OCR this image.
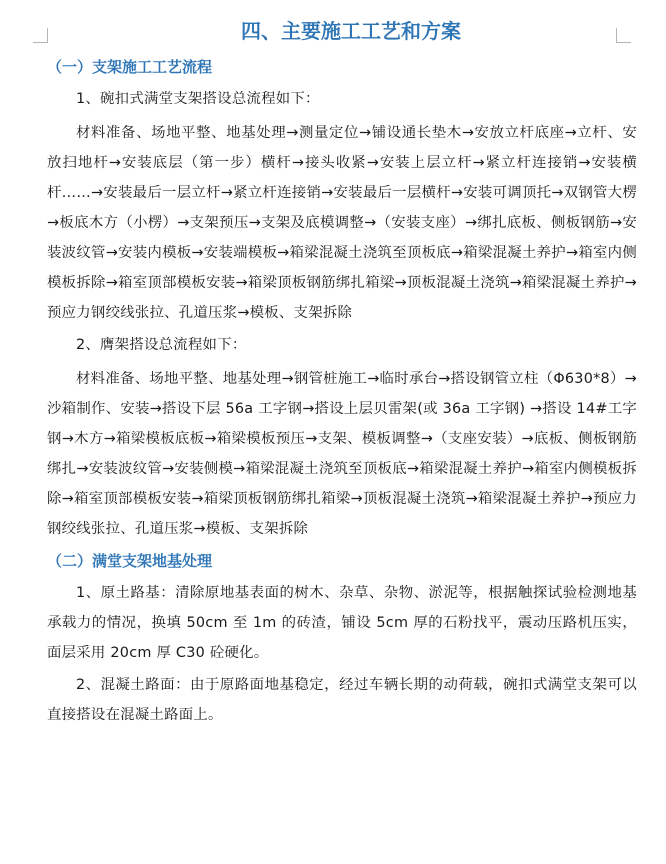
四、主要施工工艺和方案
（一）支架施工工艺流程

1、碗扣式满堂支架搭设总流程如下：

材料准备、场地平整、地基处理→测量定位→铺设通长垫木→安放立杆底座→立杆、安放扫地杆→安装底层（第一步）横杆→接头收紧→安装上层立杆→紧立杆连接销→安装横杆……→安装最后一层立杆→紧立杆连接销→安装最后一层横杆→安装可调顶托→双钢管大楞→板底木方（小楞）→支架预压→支架及底模调整→（安装支座）→绑扎底板、侧板钢筋→安装波纹管→安装内模板→安装端模板→箱梁混凝土浇筑至顶板底→箱梁混凝土养护→箱室内侧模板拆除→箱室顶部模板安装→箱梁顶板钢筋绑扎箱梁→顶板混凝土浇筑→箱梁混凝土养护→预应力钢绞线张拉、孔道压浆→模板、支架拆除

2、膺架搭设总流程如下：

材料准备、场地平整、地基处理→钢管桩施工→临时承台→搭设钢管立柱（Φ630*8）→沙箱制作、安装→搭设下层 56a 工字钢→搭设上层贝雷架(或 36a 工字钢) →搭设 14#工字钢→木方→箱梁模板底板→箱梁模板预压→支架、模板调整→（支座安装）→底板、侧板钢筋绑扎→安装波纹管→安装侧模→箱梁混凝土浇筑至顶板底→箱梁混凝土养护→箱室内侧模板拆除→箱室顶部模板安装→箱梁顶板钢筋绑扎箱梁→顶板混凝土浇筑→箱梁混凝土养护→预应力钢绞线张拉、孔道压浆→模板、支架拆除

（二）满堂支架地基处理

1、原土路基：清除原地基表面的树木、杂草、杂物、淤泥等，根据触探试验检测地基承载力的情况，换填 50cm 至 1m 的砖渣，铺设 5cm 厚的石粉找平，震动压路机压实，面层采用 20cm 厚 C30 砼硬化。

2、混凝土路面：由于原路面地基稳定，经过车辆长期的动荷载，碗扣式满堂支架可以直接搭设在混凝土路面上。
